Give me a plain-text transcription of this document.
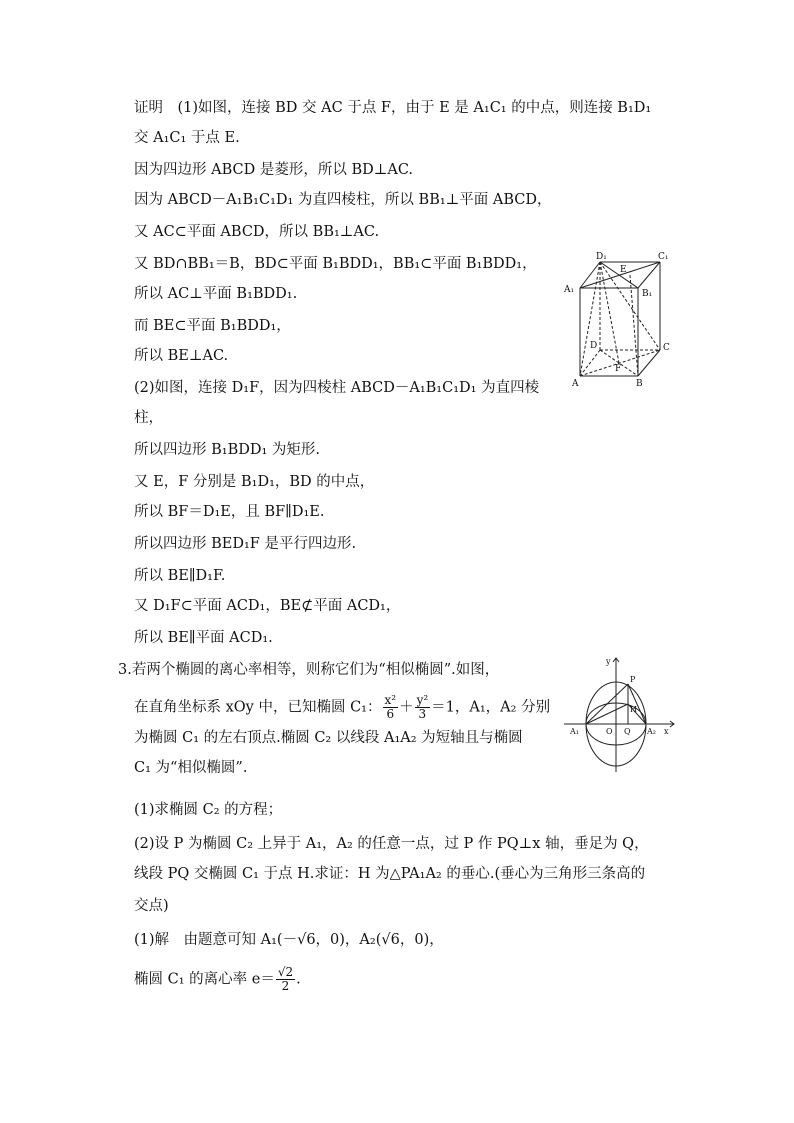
证明　(1)如图，连接 BD 交 AC 于点 F，由于 E 是 A₁C₁ 的中点，则连接 B₁D₁
交 A₁C₁ 于点 E.
因为四边形 ABCD 是菱形，所以 BD⊥AC.
因为 ABCD－A₁B₁C₁D₁ 为直四棱柱，所以 BB₁⊥平面 ABCD，
又 AC⊂平面 ABCD，所以 BB₁⊥AC.
又 BD∩BB₁＝B，BD⊂平面 B₁BDD₁，BB₁⊂平面 B₁BDD₁，
所以 AC⊥平面 B₁BDD₁.
而 BE⊂平面 B₁BDD₁，
所以 BE⊥AC.
(2)如图，连接 D₁F，因为四棱柱 ABCD－A₁B₁C₁D₁ 为直四棱
柱，
所以四边形 B₁BDD₁ 为矩形.
又 E，F 分别是 B₁D₁，BD 的中点，
所以 BF＝D₁E，且 BF∥D₁E.
所以四边形 BED₁F 是平行四边形.
所以 BE∥D₁F.
又 D₁F⊂平面 ACD₁，BE⊄平面 ACD₁，
所以 BE∥平面 ACD₁.
D₁	C₁
E
A₁	B₁
D	C
F
A	B
3.若两个椭圆的离心率相等，则称它们为“相似椭圆”.如图，
在直角坐标系 xOy 中，已知椭圆 C₁： $\frac{\text{x²}}{6} + \frac{\text{y²}}{3} =1$，A₁，A₂ 分别
为椭圆 C₁ 的左右顶点.椭圆 C₂ 以线段 A₁A₂ 为短轴且与椭圆
C₁ 为“相似椭圆”.
(1)求椭圆 C₂ 的方程；
(2)设 P 为椭圆 C₂ 上异于 A₁，A₂ 的任意一点，过 P 作 PQ⊥x 轴，垂足为 Q，
线段 PQ 交椭圆 C₁ 于点 H.求证：H 为△PA₁A₂ 的垂心.(垂心为三角形三条高的
交点)
(1)解　由题意可知 A₁(－√6，0)，A₂(√6，0)，
椭圆 C₁ 的离心率 $e= \frac{√2}{2}$ .
y
P
H
A₁	O Q A₂ x
